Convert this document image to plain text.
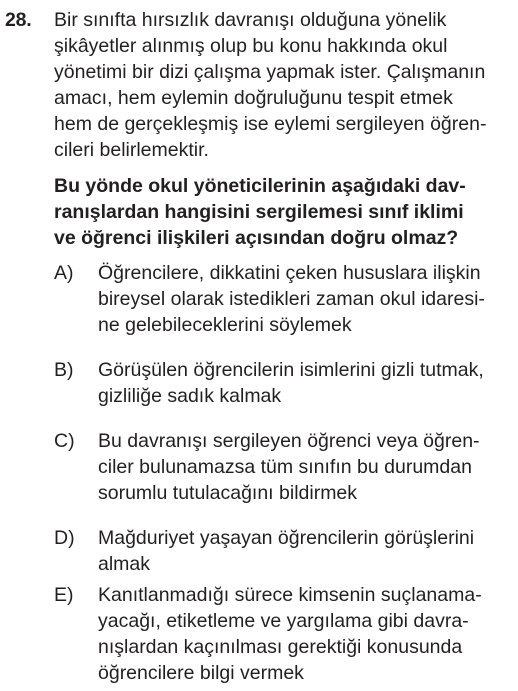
28. Bir sınıfta hırsızlık davranışı olduğuna yönelik
şikâyetler alınmış olup bu konu hakkında okul
yönetimi bir dizi çalışma yapmak ister. Çalışmanın
amacı, hem eylemin doğruluğunu tespit etmek
hem de gerçekleşmiş ise eylemi sergileyen öğren-
cileri belirlemektir.
Bu yönde okul yöneticilerinin aşağıdaki dav-
ranışlardan hangisini sergilemesi sınıf iklimi
ve öğrenci ilişkileri açısından doğru olmaz?
A)	Öğrencilere, dikkatini çeken hususlara ilişkin
bireysel olarak istedikleri zaman okul idaresi-
ne gelebileceklerini söylemek
B)	Görüşülen öğrencilerin isimlerini gizli tutmak,
gizliliğe sadık kalmak
C)	Bu davranışı sergileyen öğrenci veya öğren-
ciler bulunamazsa tüm sınıfın bu durumdan
sorumlu tutulacağını bildirmek
D)	Mağduriyet yaşayan öğrencilerin görüşlerini
almak
E)	Kanıtlanmadığı sürece kimsenin suçlanama-
yacağı, etiketleme ve yargılama gibi davra-
nışlardan kaçınılması gerektiği konusunda
öğrencilere bilgi vermek
